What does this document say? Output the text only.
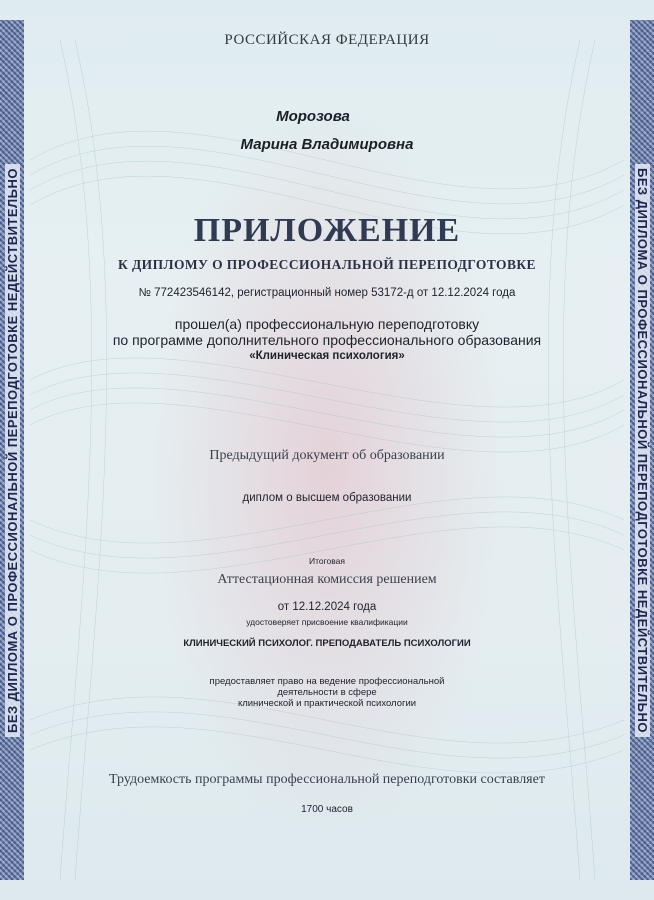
БЕЗ ДИПЛОМА О ПРОФЕССИОНАЛЬНОЙ ПЕРЕПОДГОТОВКЕ НЕДЕЙСТВИТЕЛЬНО	БЕЗ ДИПЛОМА О ПРОФЕССИОНАЛЬНОЙ ПЕРЕПОДГОТОВКЕ НЕДЕЙСТВИТЕЛЬНО
РОССИЙСКАЯ ФЕДЕРАЦИЯ
Морозова
Марина Владимировна
ПРИЛОЖЕНИЕ
К ДИПЛОМУ О ПРОФЕССИОНАЛЬНОЙ ПЕРЕПОДГОТОВКЕ
№ 772423546142, регистрационный номер 53172-д от 12.12.2024 года
прошел(а) профессиональную переподготовку
по программе дополнительного профессионального образования
«Клиническая психология»
Предыдущий документ об образовании
диплом о высшем образовании
Итоговая
Аттестационная комиссия решением
от 12.12.2024 года
удостоверяет присвоение квалификации
КЛИНИЧЕСКИЙ ПСИХОЛОГ. ПРЕПОДАВАТЕЛЬ ПСИХОЛОГИИ
предоставляет право на ведение профессиональной
деятельности в сфере
клинической и практической психологии
Трудоемкость программы профессиональной переподготовки составляет
1700 часов
